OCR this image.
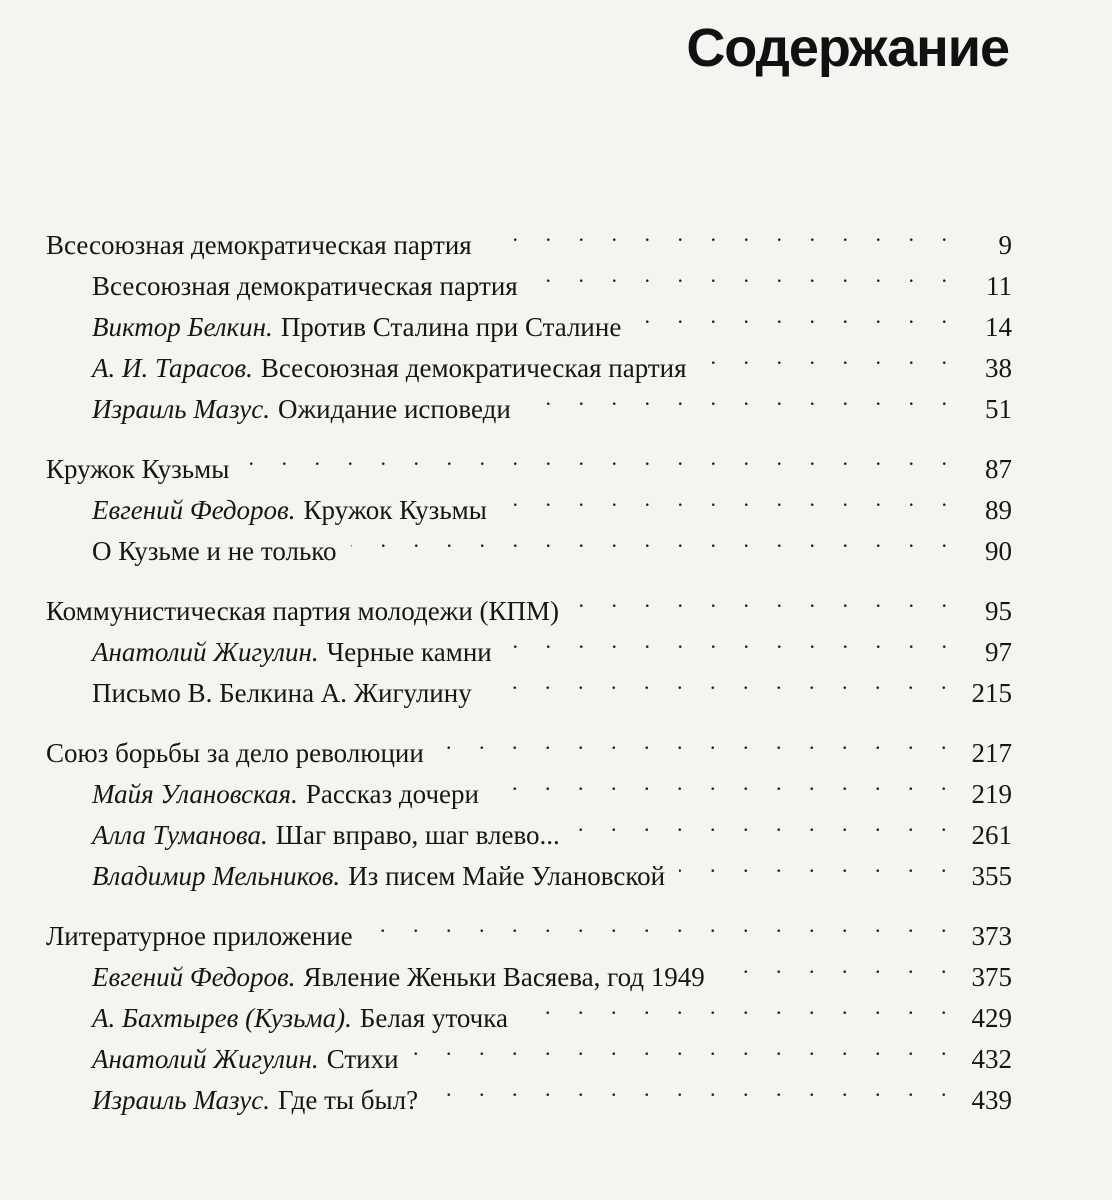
Содержание
Всесоюзная демократическая партия . . .	9
Всесоюзная демократическая партия . . .	11
Виктор Белкин. Против Сталина при Сталине . . .	14
А. И. Тарасов. Всесоюзная демократическая партия . . .	38
Израиль Мазус. Ожидание исповеди . . .	51
Кружок Кузьмы . . .	87
Евгений Федоров. Кружок Кузьмы . . .	89
О Кузьме и не только . . .	90
Коммунистическая партия молодежи (КПМ) . . .	95
Анатолий Жигулин. Черные камни . . .	97
Письмо В. Белкина А. Жигулину . . .	215
Союз борьбы за дело революции . . .	217
Майя Улановская. Рассказ дочери . . .	219
Алла Туманова. Шаг вправо, шаг влево... . . .	261
Владимир Мельников. Из писем Майе Улановской . . .	355
Литературное приложение . . .	373
Евгений Федоров. Явление Женьки Васяева, год 1949 . . .	375
А. Бахтырев (Кузьма). Белая уточка . . .	429
Анатолий Жигулин. Стихи . . .	432
Израиль Мазус. Где ты был? . . .	439
